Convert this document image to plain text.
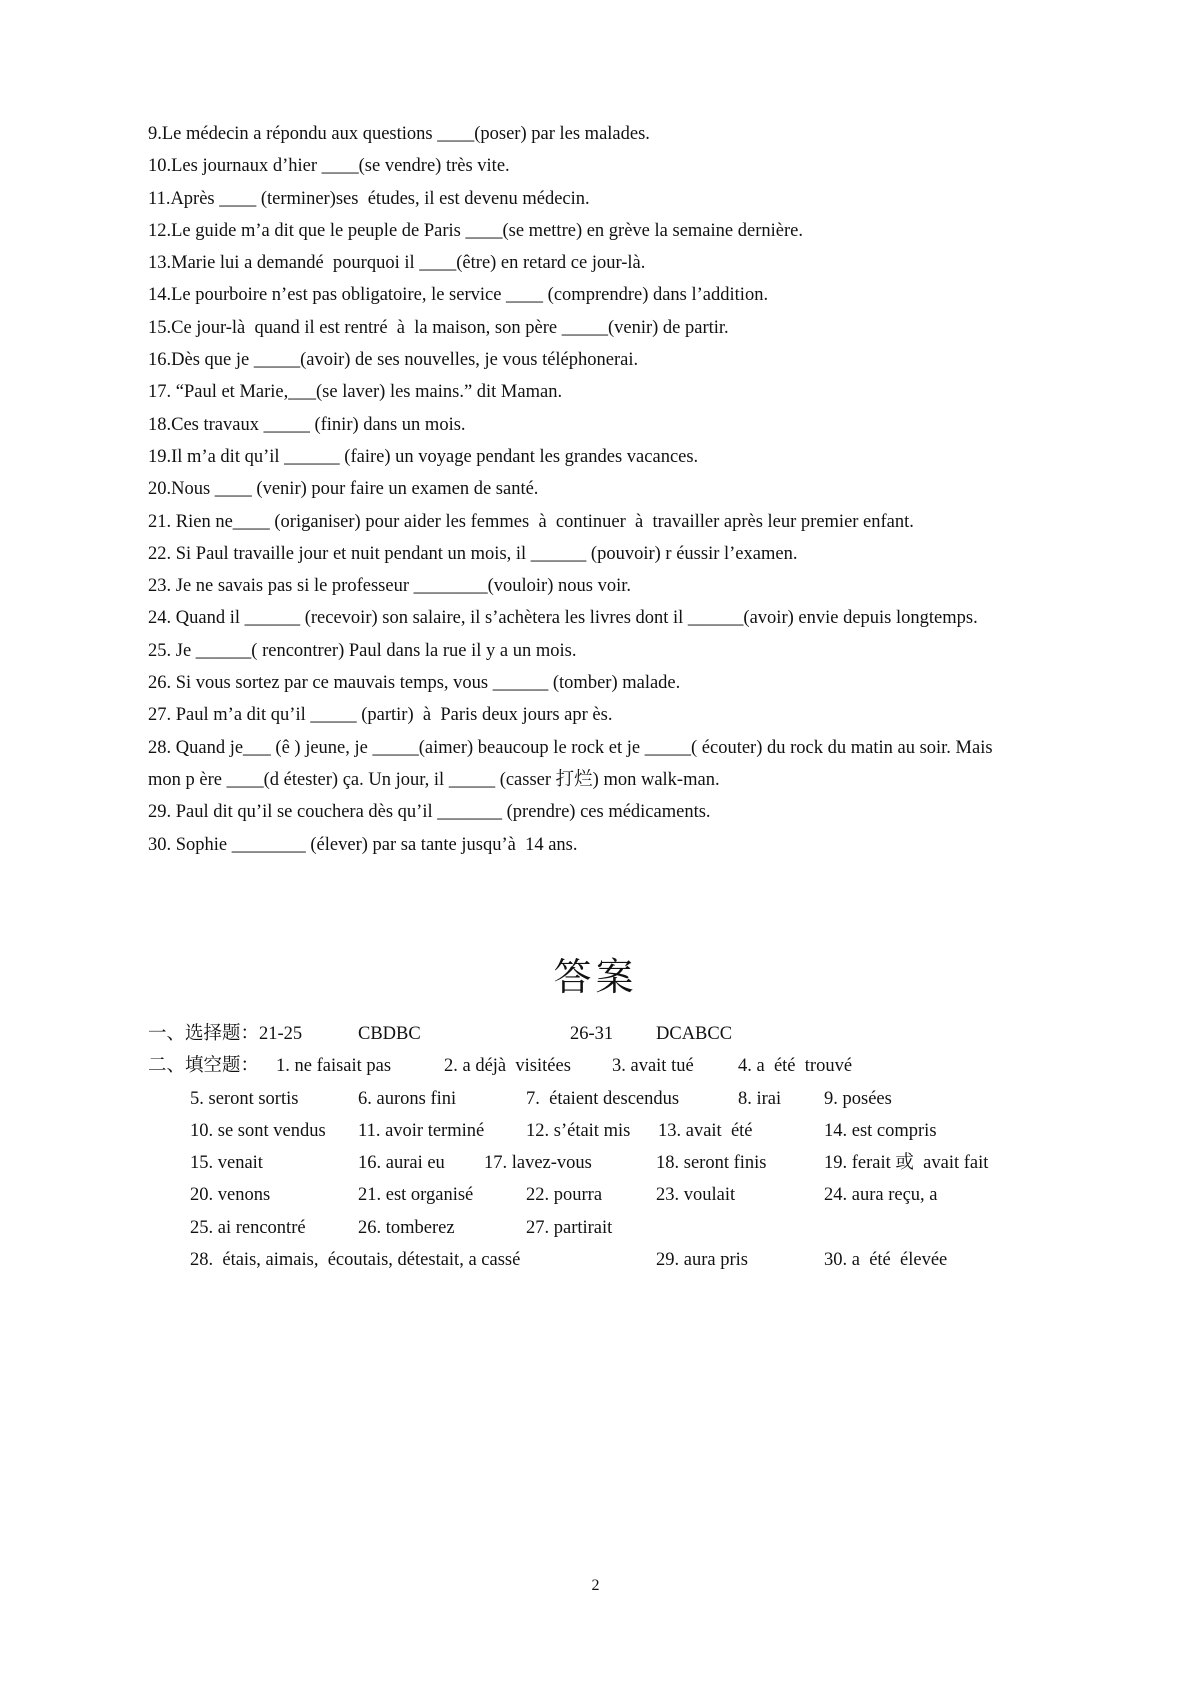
9.Le médecin a répondu aux questions ____(poser) par les malades.
10.Les journaux d’hier ____(se vendre) très vite.
11.Après ____ (terminer)ses  études, il est devenu médecin.
12.Le guide m’a dit que le peuple de Paris ____(se mettre) en grève la semaine dernière.
13.Marie lui a demandé  pourquoi il ____(être) en retard ce jour-là.
14.Le pourboire n’est pas obligatoire, le service ____ (comprendre) dans l’addition.
15.Ce jour-là  quand il est rentré  à  la maison, son père _____(venir) de partir.
16.Dès que je _____(avoir) de ses nouvelles, je vous téléphonerai.
17. “Paul et Marie,___(se laver) les mains.” dit Maman.
18.Ces travaux _____ (finir) dans un mois.
19.Il m’a dit qu’il ______ (faire) un voyage pendant les grandes vacances.
20.Nous ____ (venir) pour faire un examen de santé.
21. Rien ne____ (origaniser) pour aider les femmes  à  continuer  à  travailler après leur premier enfant.
22. Si Paul travaille jour et nuit pendant un mois, il ______ (pouvoir) r éussir l’examen.
23. Je ne savais pas si le professeur ________(vouloir) nous voir.
24. Quand il ______ (recevoir) son salaire, il s’achètera les livres dont il ______(avoir) envie depuis longtemps.
25. Je ______( rencontrer) Paul dans la rue il y a un mois.
26. Si vous sortez par ce mauvais temps, vous ______ (tomber) malade.
27. Paul m’a dit qu’il _____ (partir)  à  Paris deux jours apr ès.
28. Quand je___ (ê ) jeune, je _____(aimer) beaucoup le rock et je _____( écouter) du rock du matin au soir. Mais mon p ère ____(d étester) ça. Un jour, il _____ (casser 打烂) mon walk-man.
29. Paul dit qu’il se couchera dès qu’il _______ (prendre) ces médicaments.
30. Sophie ________ (élever) par sa tante jusqu’à  14 ans.
答案
一、选择题：21-25	CBDBC	26-31 DCABCC
二、填空题： 1. ne faisait pas	2. a déjà  visitées 3. avait tué 4. a  été  trouvé
5. seront sortis	6. aurons fini	7.  étaient descendus	8. irai 9. posées
10. se sont vendus 11. avoir terminé 12. s’était mis 13. avait  été	14. est compris
15. venait	16. aurai eu 17. lavez-vous	18. seront finis	19. ferait 或  avait fait
20. venons	21. est organisé	22. pourra	23. voulait	24. aura reçu, a
25. ai rencontré	26. tomberez	27. partirait
28.  étais, aimais,  écoutais, détestait, a cassé	29. aura pris	30. a  été  élevée
2
